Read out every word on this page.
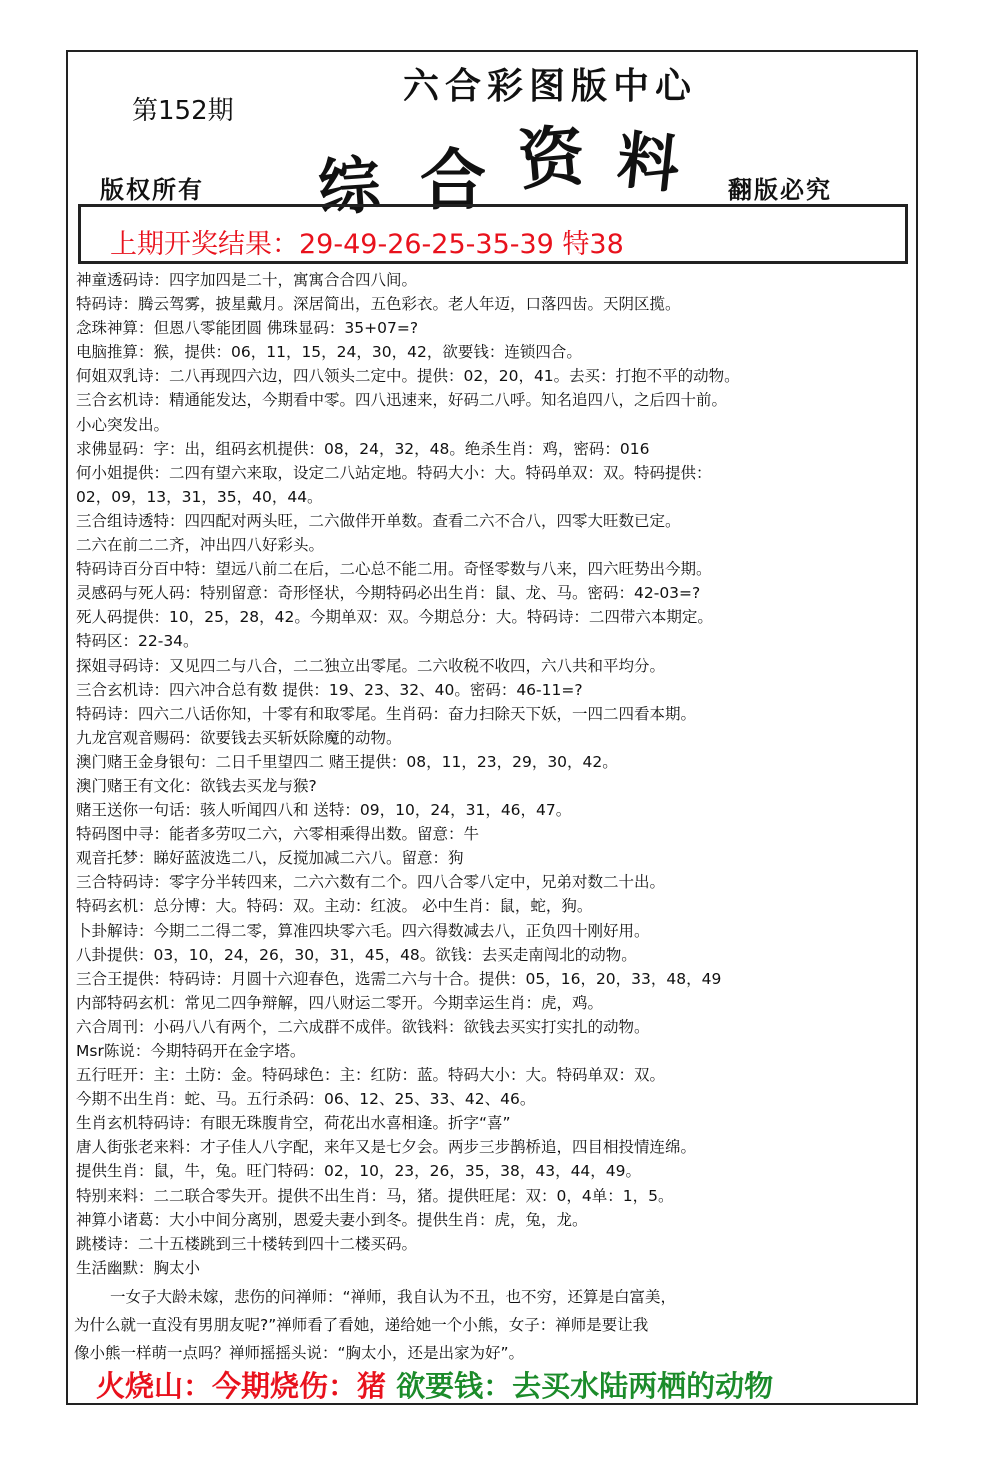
第152期
六合彩图版中心
综 合 资 料
版权所有	翻版必究
上期开奖结果：29-49-26-25-35-39 特38
神童透码诗：四字加四是二十，寓寓合合四八间。
特码诗：腾云驾雾，披星戴月。深居简出，五色彩衣。老人年迈，口落四齿。天阴区揽。
念珠神算：但恩八零能团圆 佛珠显码：35+07=?
电脑推算：猴，提供：06，11，15，24，30，42，欲要钱：连锁四合。
何姐双乳诗：二八再现四六边，四八领头二定中。提供：02，20，41。去买：打抱不平的动物。
三合玄机诗：精通能发达，今期看中零。四八迅速来，好码二八呼。知名追四八，之后四十前。
小心突发出。
求佛显码：字：出，组码玄机提供：08，24，32，48。绝杀生肖：鸡，密码：016
何小姐提供：二四有望六来取，设定二八站定地。特码大小：大。特码单双：双。特码提供：
02，09，13，31，35，40，44。
三合组诗透特：四四配对两头旺，二六做伴开单数。查看二六不合八，四零大旺数已定。
二六在前二二齐，冲出四八好彩头。
特码诗百分百中特：望远八前二在后，二心总不能二用。奇怪零数与八来，四六旺势出今期。
灵感码与死人码：特别留意：奇形怪状，今期特码必出生肖：鼠、龙、马。密码：42-03=?
死人码提供：10，25，28，42。今期单双：双。今期总分：大。特码诗：二四带六本期定。
特码区：22-34。
探姐寻码诗：又见四二与八合，二二独立出零尾。二六收税不收四，六八共和平均分。
三合玄机诗：四六冲合总有数 提供：19、23、32、40。密码：46-11=?
特码诗：四六二八话你知，十零有和取零尾。生肖码：奋力扫除天下妖，一四二四看本期。
九龙宫观音赐码：欲要钱去买斩妖除魔的动物。
澳门赌王金身银句：二日千里望四二 赌王提供：08，11，23，29，30，42。
澳门赌王有文化：欲钱去买龙与猴?
赌王送你一句话：骇人听闻四八和 送特：09，10，24，31，46，47。
特码图中寻：能者多劳叹二六，六零相乘得出数。留意：牛
观音托梦：睇好蓝波选二八，反搅加减二六八。留意：狗
三合特码诗：零字分半转四来，二六六数有二个。四八合零八定中，兄弟对数二十出。
特码玄机：总分博：大。特码：双。主动：红波。 必中生肖：鼠，蛇，狗。
卜卦解诗：今期二二得二零，算准四块零六毛。四六得数减去八，正负四十刚好用。
八卦提供：03，10，24，26，30，31，45，48。欲钱：去买走南闯北的动物。
三合王提供：特码诗：月圆十六迎春色，选需二六与十合。提供：05，16，20，33，48，49
内部特码玄机：常见二四争辩解，四八财运二零开。今期幸运生肖：虎，鸡。
六合周刊：小码八八有两个，二六成群不成伴。欲钱料：欲钱去买实打实扎的动物。
Msr陈说：今期特码开在金字塔。
五行旺开：主：土防：金。特码球色：主：红防：蓝。特码大小：大。特码单双：双。
今期不出生肖：蛇、马。五行杀码：06、12、25、33、42、46。
生肖玄机特码诗：有眼无珠腹肯空，荷花出水喜相逢。折字“喜”
唐人街张老来料：才子佳人八字配，来年又是七夕会。两步三步鹊桥追，四目相投情连绵。
提供生肖：鼠，牛，兔。旺门特码：02，10，23，26，35，38，43，44，49。
特别来料：二二联合零失开。提供不出生肖：马，猪。提供旺尾：双：0，4单：1，5。
神算小诸葛：大小中间分离别，恩爱夫妻小到冬。提供生肖：虎，兔，龙。
跳楼诗：二十五楼跳到三十楼转到四十二楼买码。
生活幽默：胸太小
一女子大龄未嫁，悲伤的问禅师：“禅师，我自认为不丑，也不穷，还算是白富美，
为什么就一直没有男朋友呢?”禅师看了看她，递给她一个小熊，女子：禅师是要让我
像小熊一样萌一点吗？禅师摇摇头说：“胸太小，还是出家为好”。
火烧山：今期烧伤：猪 欲要钱：去买水陆两栖的动物
